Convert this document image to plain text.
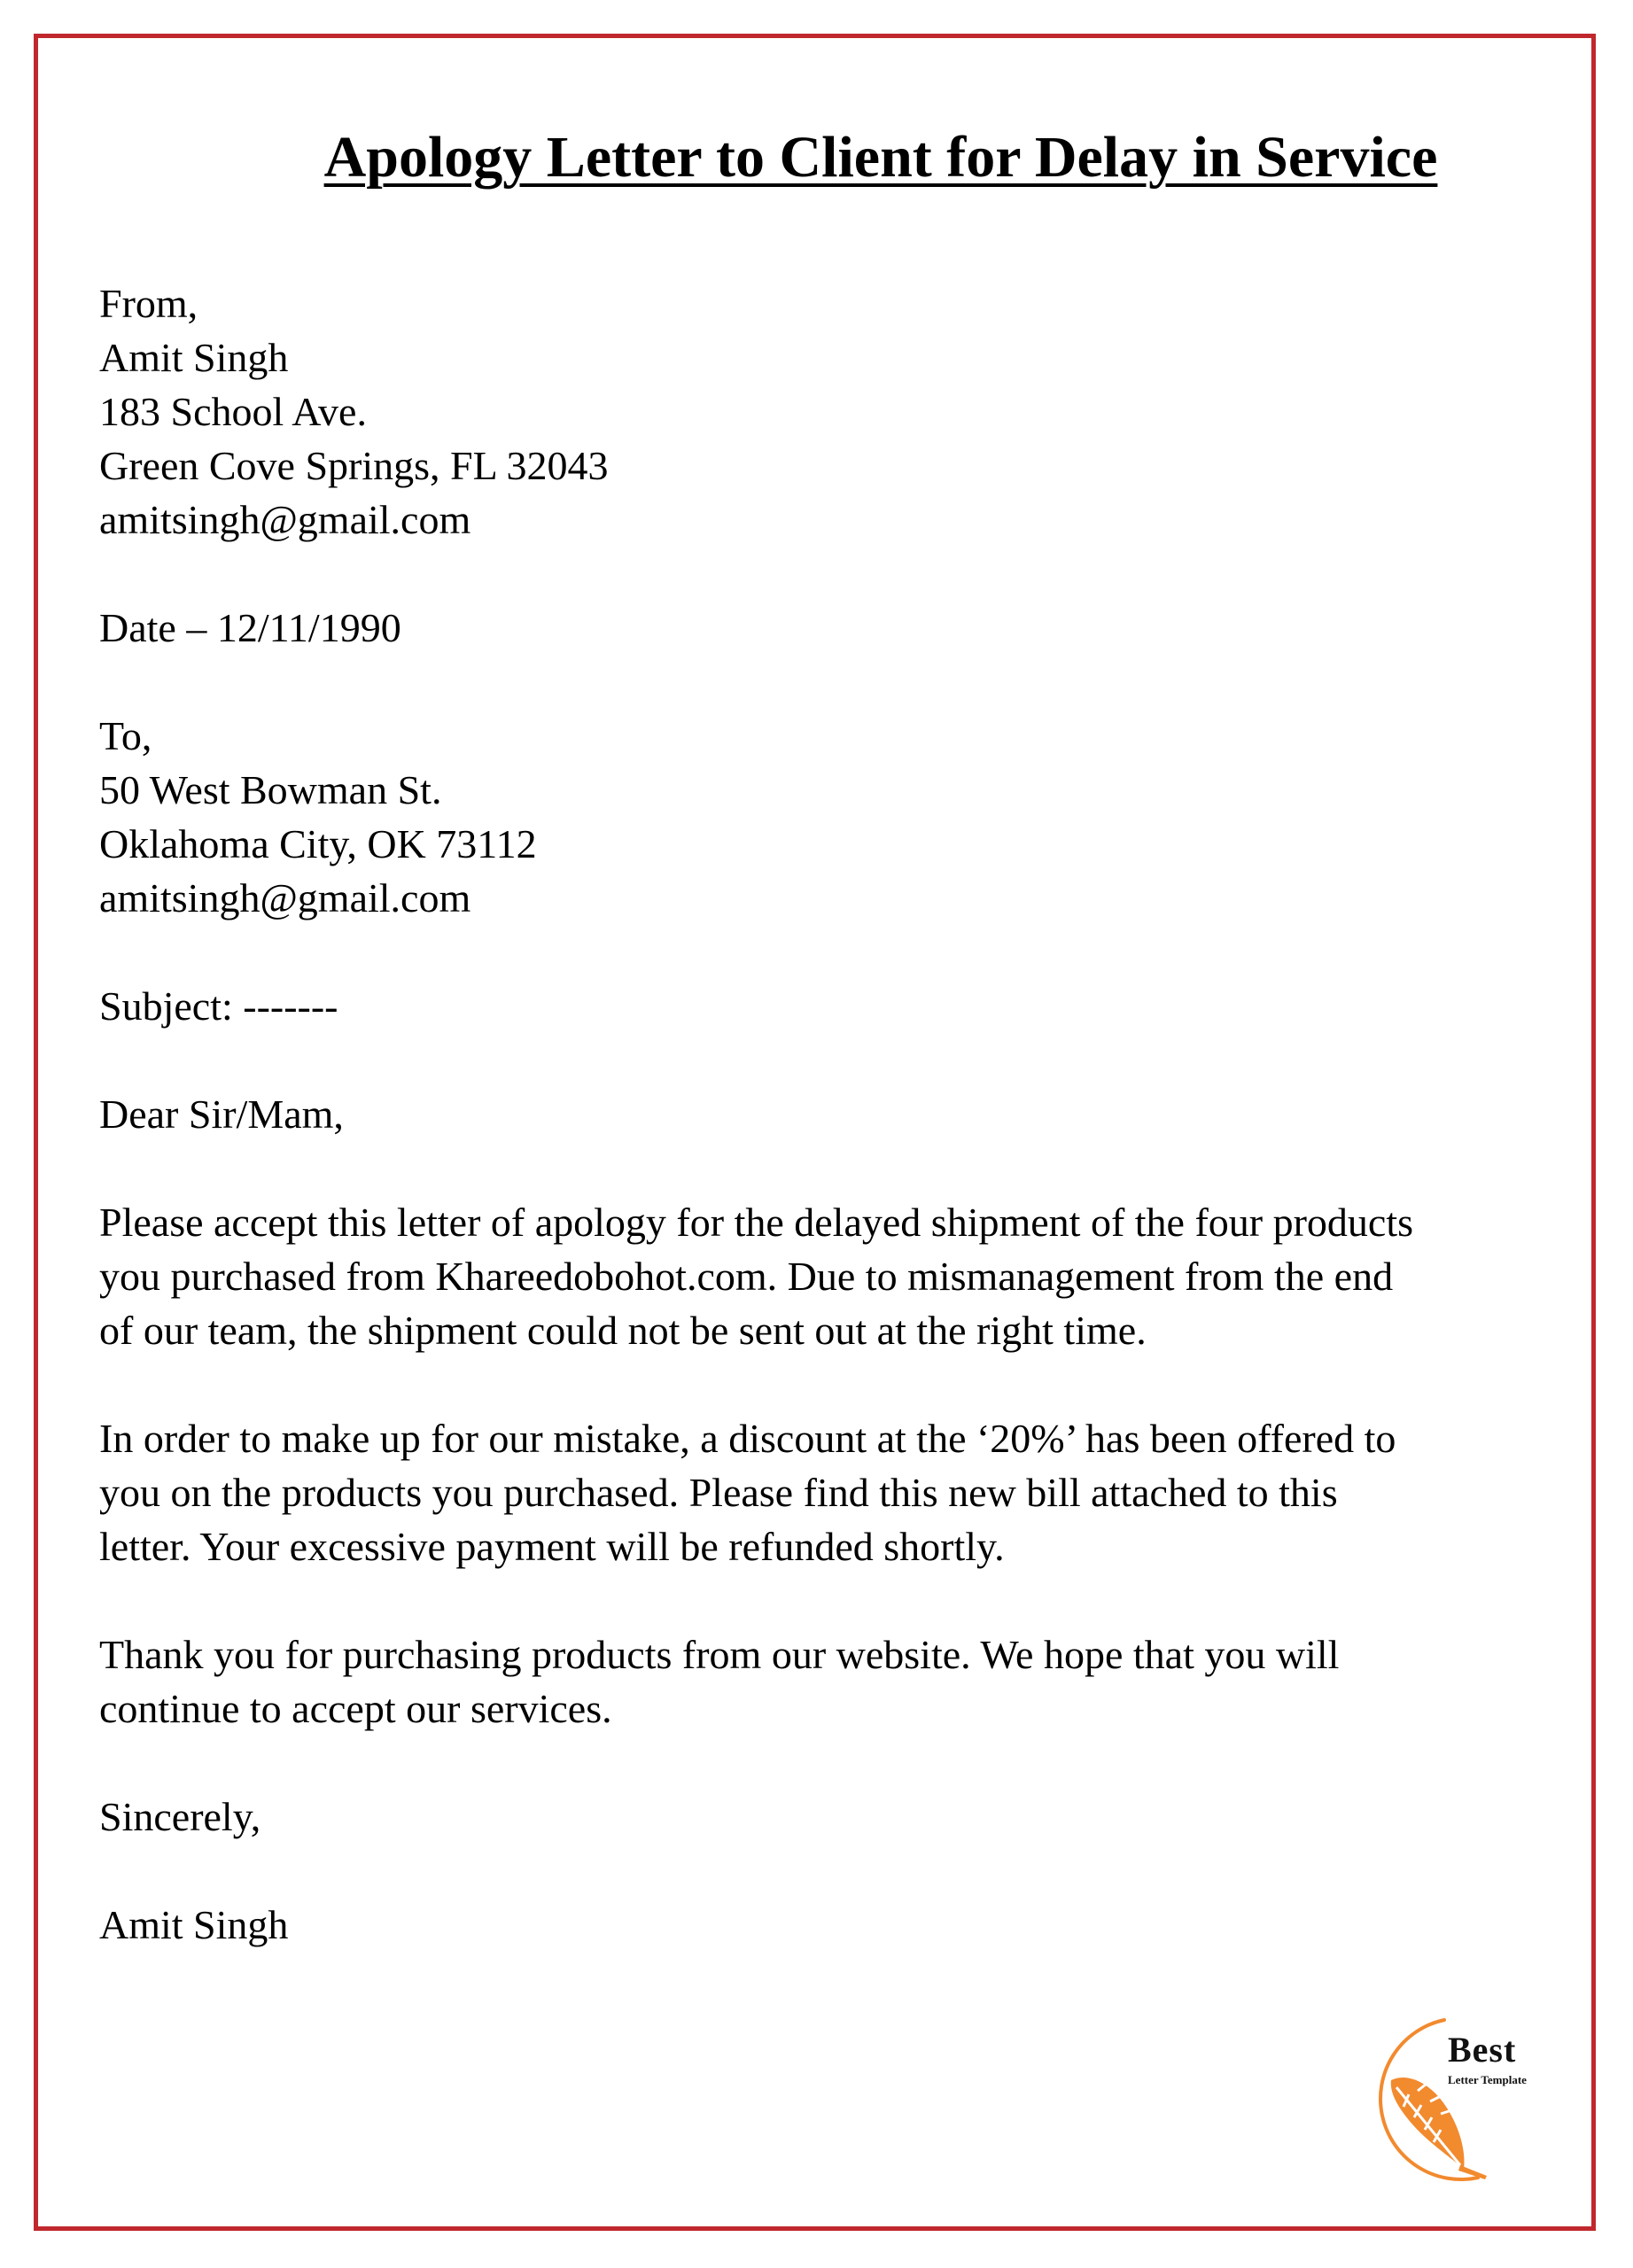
Apology Letter to Client for Delay in Service
From,
Amit Singh
183 School Ave.
Green Cove Springs, FL 32043
amitsingh@gmail.com
Date – 12/11/1990
To,
50 West Bowman St.
Oklahoma City, OK 73112
amitsingh@gmail.com
Subject: -------
Dear Sir/Mam,
Please accept this letter of apology for the delayed shipment of the four products
you purchased from Khareedobohot.com. Due to mismanagement from the end
of our team, the shipment could not be sent out at the right time.
In order to make up for our mistake, a discount at the ‘20%’ has been offered to
you on the products you purchased. Please find this new bill attached to this
letter. Your excessive payment will be refunded shortly.
Thank you for purchasing products from our website. We hope that you will
continue to accept our services.
Sincerely,
Amit Singh
Best
Letter Template
